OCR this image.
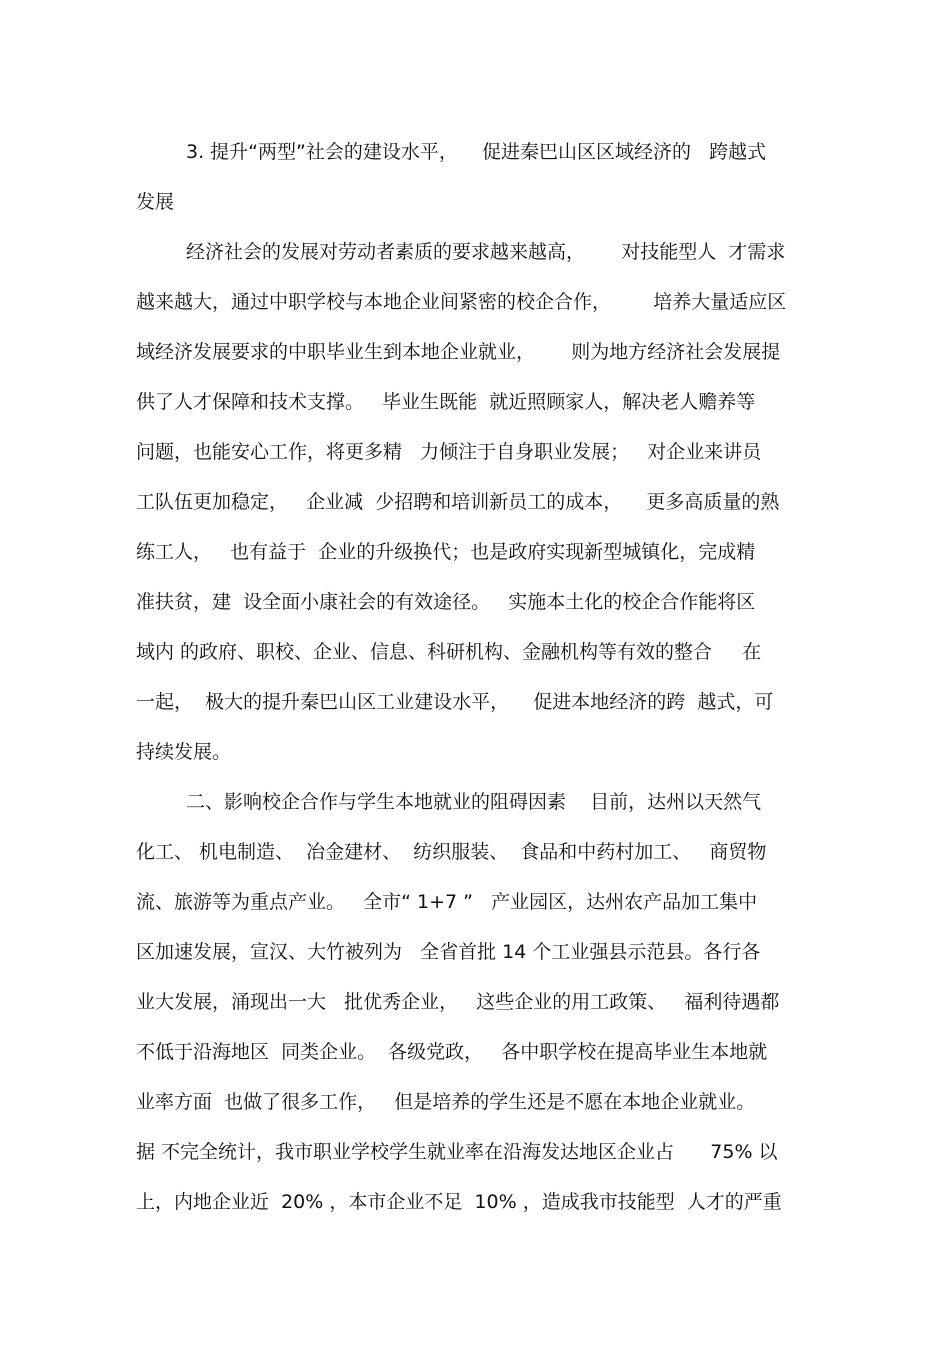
3. 提升“两型”社会的建设水平，    促进秦巴山区区域经济的   跨越式
发展
经济社会的发展对劳动者素质的要求越来越高，      对技能型人  才需求
越来越大，通过中职学校与本地企业间紧密的校企合作，       培养大量适应区
域经济发展要求的中职毕业生到本地企业就业，      则为地方经济社会发展提
供了人才保障和技术支撑。   毕业生既能  就近照顾家人，解决老人赡养等
问题，也能安心工作，将更多精   力倾注于自身职业发展；   对企业来讲员
工队伍更加稳定，   企业减  少招聘和培训新员工的成本，    更多高质量的熟
练工人，   也有益于  企业的升级换代；也是政府实现新型城镇化，完成精
准扶贫，建  设全面小康社会的有效途径。   实施本土化的校企合作能将区
域内 的政府、职校、企业、信息、科研机构、金融机构等有效的整合     在
一起，  极大的提升秦巴山区工业建设水平，    促进本地经济的跨  越式，可
持续发展。
二、影响校企合作与学生本地就业的阻碍因素    目前，达州以天然气
化工、 机电制造、  冶金建材、  纺织服装、  食品和中药村加工、   商贸物
流、旅游等为重点产业。   全市“ 1+7 ”   产业园区，达州农产品加工集中
区加速发展，宣汉、大竹被列为   全省首批 14 个工业强县示范县。各行各
业大发展，涌现出一大   批优秀企业，   这些企业的用工政策、   福利待遇都
不低于沿海地区  同类企业。  各级党政，   各中职学校在提高毕业生本地就
业率方面  也做了很多工作，   但是培养的学生还是不愿在本地企业就业。
据 不完全统计，我市职业学校学生就业率在沿海发达地区企业占      75% 以
上，内地企业近  20% ，本市企业不足  10% ，造成我市技能型  人才的严重
